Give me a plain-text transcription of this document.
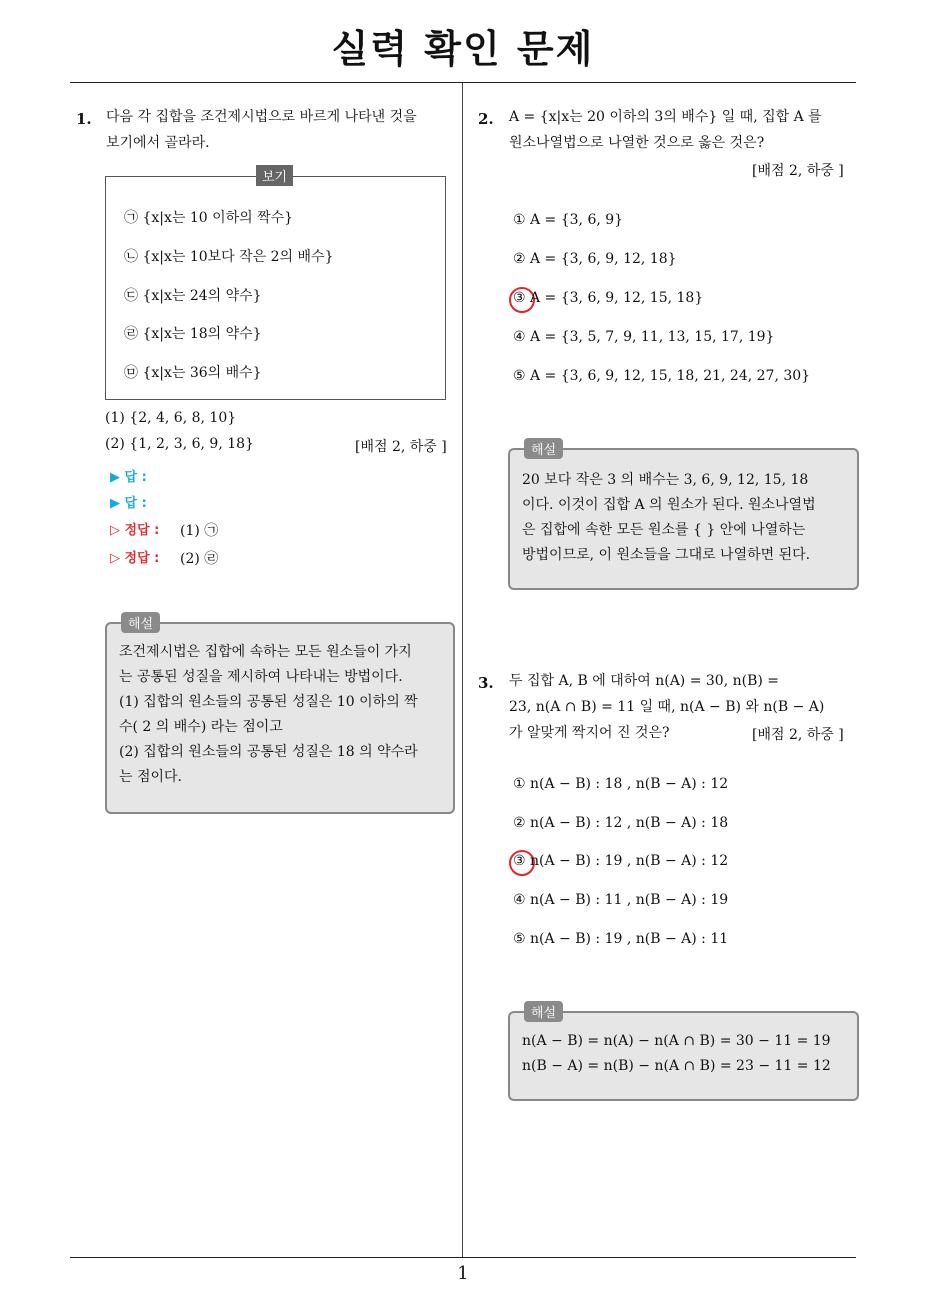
실력 확인 문제
1. 다음 각 집합을 조건제시법으로 바르게 나타낸 것을
보기에서 골라라.
보기
㉠ {x|x는 10 이하의 짝수}
㉡ {x|x는 10보다 작은 2의 배수}
㉢ {x|x는 24의 약수}
㉣ {x|x는 18의 약수}
㉤ {x|x는 36의 배수}
(1) {2, 4, 6, 8, 10}
(2) {1, 2, 3, 6, 9, 18}	[배점 2, 하중 ]
▶ 답 :
▶ 답 :
▷ 정답 : (1) ㉠
▷ 정답 : (2) ㉣
해설
조건제시법은 집합에 속하는 모든 원소들이 가지
는 공통된 성질을 제시하여 나타내는 방법이다.
(1) 집합의 원소들의 공통된 성질은 10 이하의 짝
수( 2 의 배수) 라는 점이고
(2) 집합의 원소들의 공통된 성질은 18 의 약수라
는 점이다.
2. A = {x|x는 20 이하의 3의 배수} 일 때, 집합 A 를
원소나열법으로 나열한 것으로 옳은 것은?
[배점 2, 하중 ]
① A = {3, 6, 9}
② A = {3, 6, 9, 12, 18}
③ A = {3, 6, 9, 12, 15, 18}
④ A = {3, 5, 7, 9, 11, 13, 15, 17, 19}
⑤ A = {3, 6, 9, 12, 15, 18, 21, 24, 27, 30}
해설
20 보다 작은 3 의 배수는 3, 6, 9, 12, 15, 18
이다. 이것이 집합 A 의 원소가 된다. 원소나열법
은 집합에 속한 모든 원소를 { } 안에 나열하는
방법이므로, 이 원소들을 그대로 나열하면 된다.
3. 두 집합 A, B 에 대하여 n(A) = 30, n(B) =
23, n(A ∩ B) = 11 일 때, n(A − B) 와 n(B − A)
가 알맞게 짝지어 진 것은?	[배점 2, 하중 ]
① n(A − B) : 18 , n(B − A) : 12
② n(A − B) : 12 , n(B − A) : 18
③ n(A − B) : 19 , n(B − A) : 12
④ n(A − B) : 11 , n(B − A) : 19
⑤ n(A − B) : 19 , n(B − A) : 11
해설
n(A − B) = n(A) − n(A ∩ B) = 30 − 11 = 19
n(B − A) = n(B) − n(A ∩ B) = 23 − 11 = 12
1
